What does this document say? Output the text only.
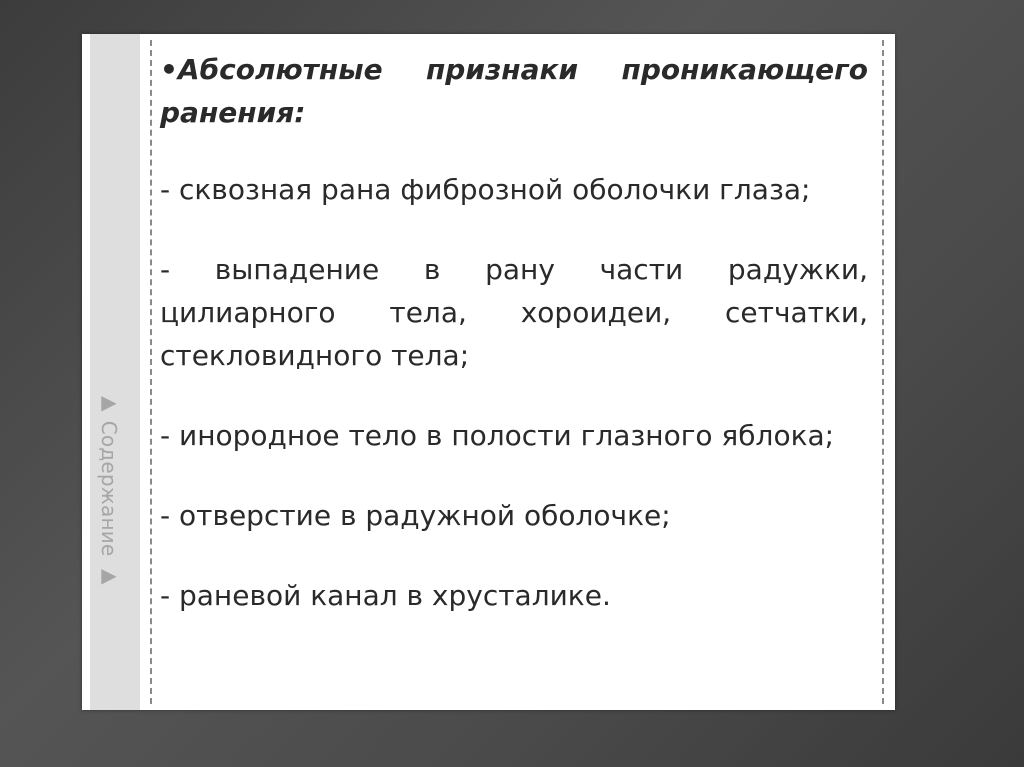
▶ Содержание ▶

•Абсолютные признаки проникающего ранения:

- сквозная рана фиброзной оболочки глаза;

- выпадение в рану части радужки, цилиарного тела, хороидеи, сетчатки, стекловидного тела;

- инородное тело в полости глазного яблока;

- отверстие в радужной оболочке;

- раневой канал в хрусталике.
